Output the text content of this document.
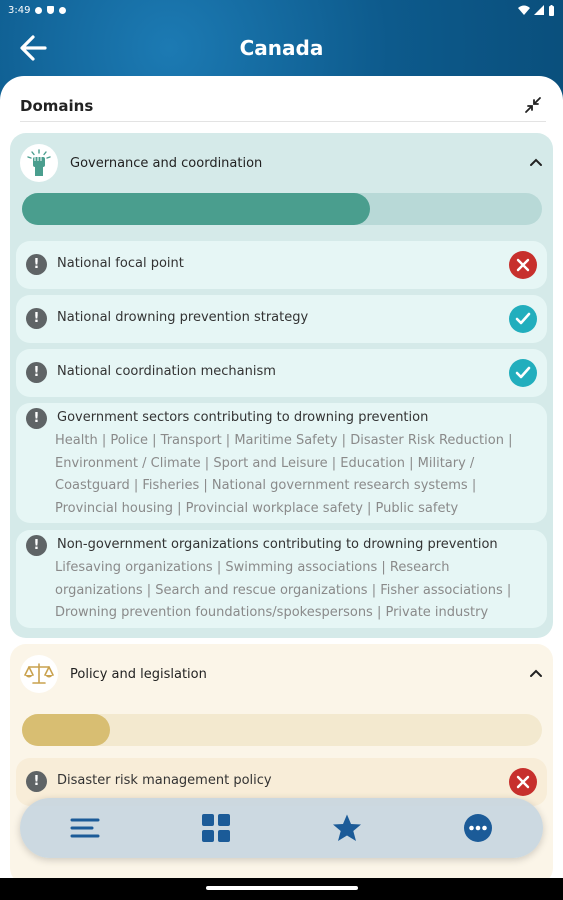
3:49
Canada
Domains
Governance and coordination
!	National focal point
!	National drowning prevention strategy
!	National coordination mechanism
!	Government sectors contributing to drowning prevention
Health | Police | Transport | Maritime Safety | Disaster Risk Reduction | Environment / Climate | Sport and Leisure | Education | Military / Coastguard | Fisheries | National government research systems | Provincial housing | Provincial workplace safety | Public safety
!	Non-government organizations contributing to drowning prevention
Lifesaving organizations | Swimming associations | Research organizations | Search and rescue organizations | Fisher associations | Drowning prevention foundations/spokespersons | Private industry
Policy and legislation
!	Disaster risk management policy
